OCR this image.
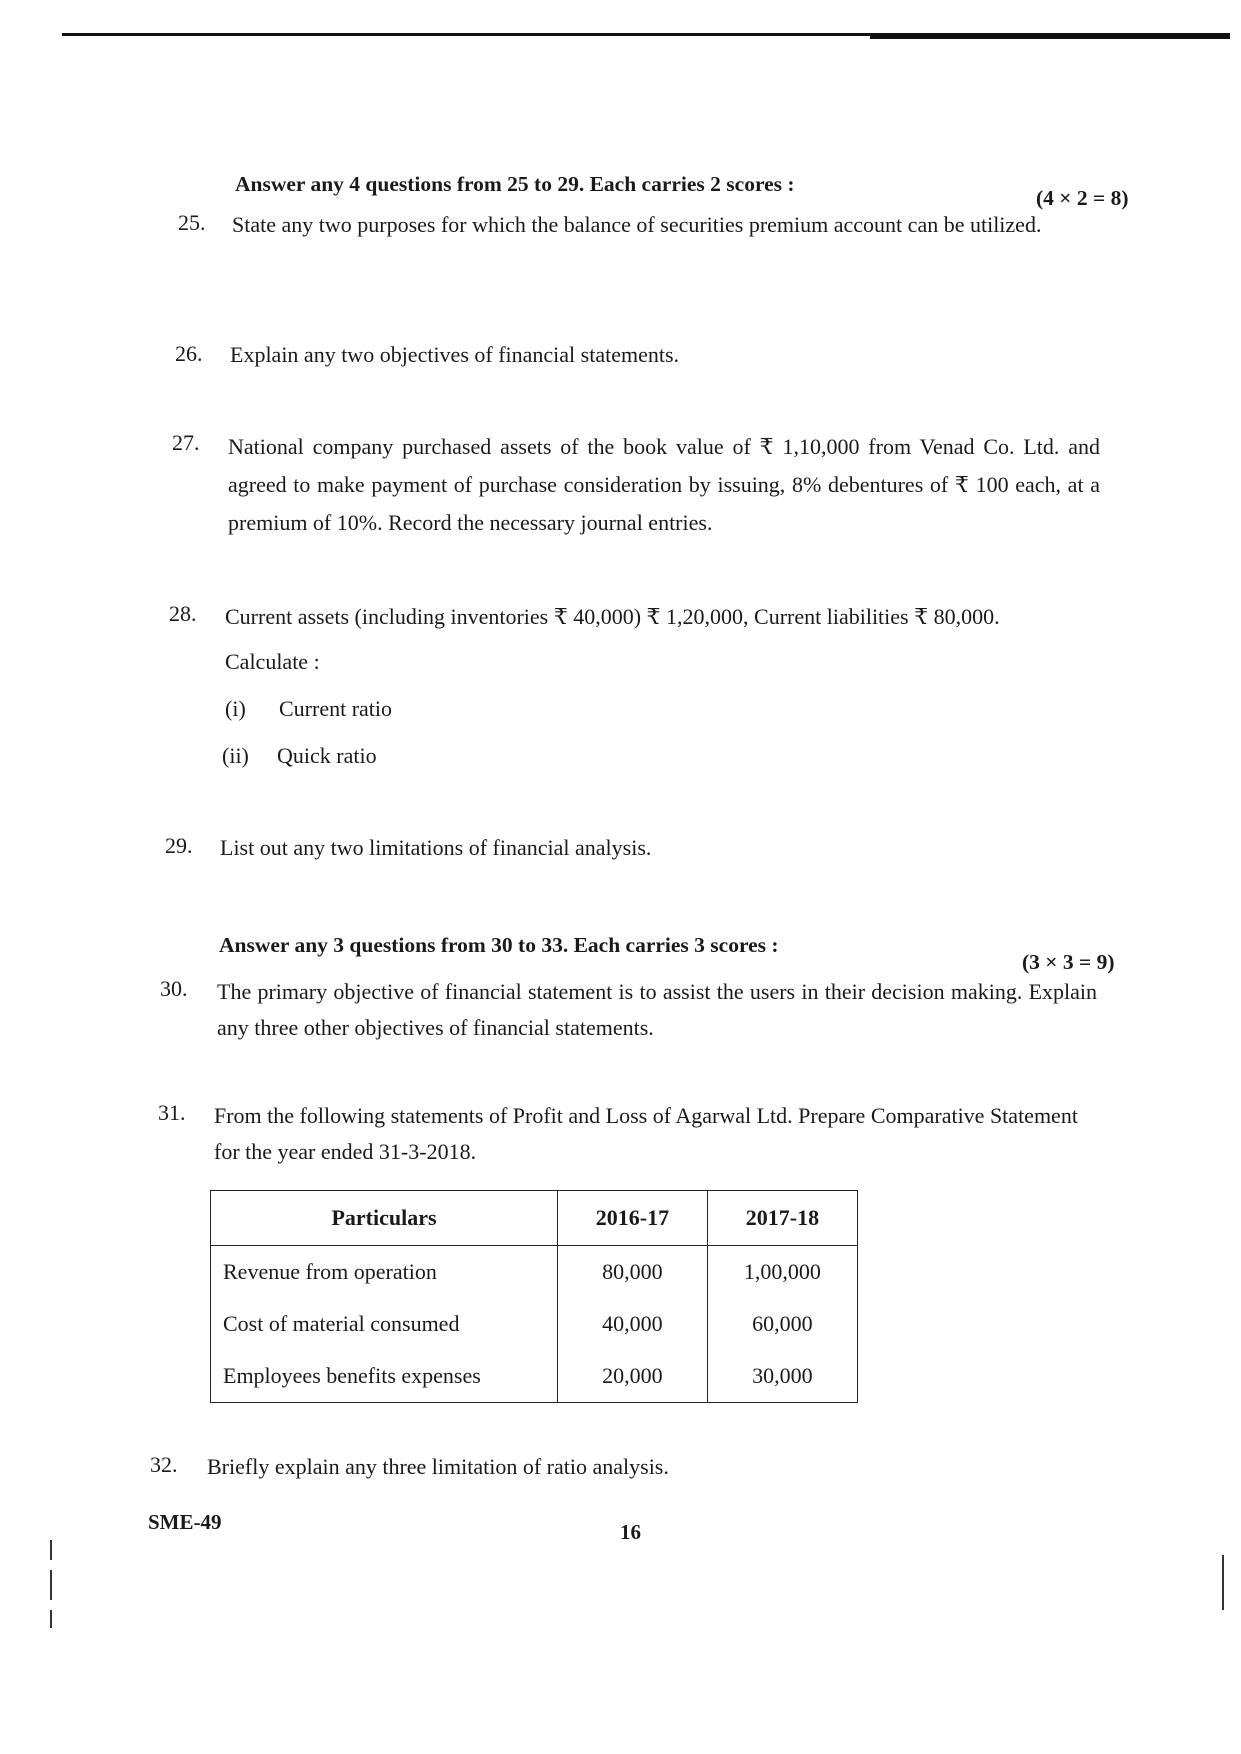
Answer any 4 questions from 25 to 29. Each carries 2 scores :
(4 × 2 = 8)
25. State any two purposes for which the balance of securities premium account can be utilized.
26. Explain any two objectives of financial statements.
27. National company purchased assets of the book value of ₹ 1,10,000 from Venad Co. Ltd. and agreed to make payment of purchase consideration by issuing, 8% debentures of ₹ 100 each, at a premium of 10%. Record the necessary journal entries.
28. Current assets (including inventories ₹ 40,000) ₹ 1,20,000, Current liabilities ₹ 80,000.
Calculate :
(i) Current ratio
(ii) Quick ratio
29. List out any two limitations of financial analysis.
Answer any 3 questions from 30 to 33. Each carries 3 scores :
(3 × 3 = 9)
30. The primary objective of financial statement is to assist the users in their decision making. Explain any three other objectives of financial statements.
31. From the following statements of Profit and Loss of Agarwal Ltd. Prepare Comparative Statement for the year ended 31-3-2018.
Particulars	2016-17	2017-18
Revenue from operation	80,000	1,00,000
Cost of material consumed	40,000	60,000
Employees benefits expenses	20,000	30,000
32. Briefly explain any three limitation of ratio analysis.
SME-49	16
